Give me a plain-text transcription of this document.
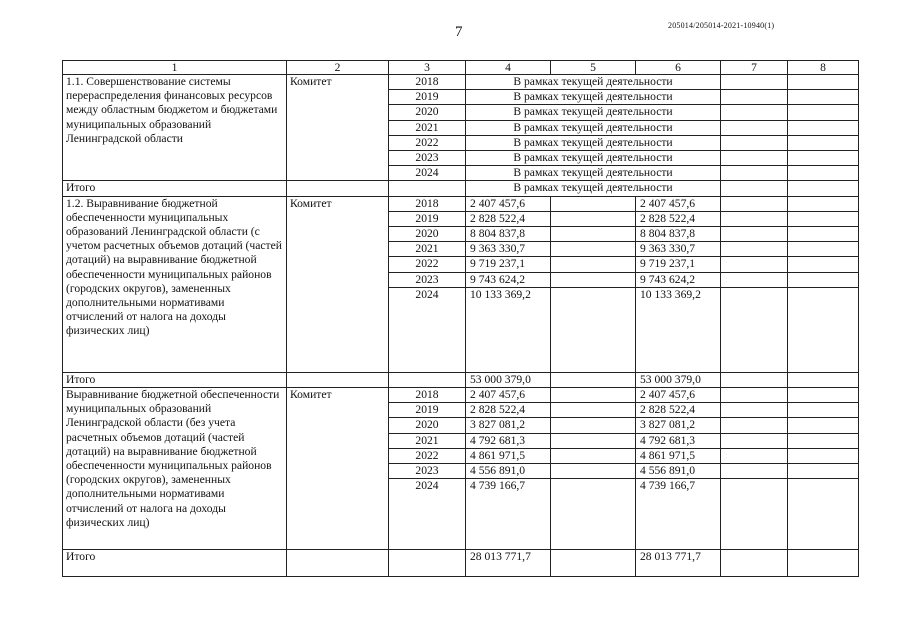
7	205014/205014-2021-10940(1)
1	2	3	4	5	6	7	8
1.1. Совершенствование системы перераспределения финансовых ресурсов между областным бюджетом и бюджетами муниципальных образований Ленинградской области	Комитет	2018	В рамках текущей деятельности				
		2019	В рамках текущей деятельности				
		2020	В рамках текущей деятельности				
		2021	В рамках текущей деятельности				
		2022	В рамках текущей деятельности				
		2023	В рамках текущей деятельности				
		2024	В рамках текущей деятельности				
Итого			В рамках текущей деятельности				
1.2. Выравнивание бюджетной обеспеченности муниципальных образований Ленинградской области (с учетом расчетных объемов дотаций (частей дотаций) на выравнивание бюджетной обеспеченности муниципальных районов (городских округов), замененных дополнительными нормативами отчислений от налога на доходы физических лиц)	Комитет	2018	2 407 457,6		2 407 457,6		
		2019	2 828 522,4		2 828 522,4		
		2020	8 804 837,8		8 804 837,8		
		2021	9 363 330,7		9 363 330,7		
		2022	9 719 237,1		9 719 237,1		
		2023	9 743 624,2		9 743 624,2		
		2024	10 133 369,2		10 133 369,2		
Итого			53 000 379,0		53 000 379,0		
Выравнивание бюджетной обеспеченности муниципальных образований Ленинградской области (без учета расчетных объемов дотаций (частей дотаций) на выравнивание бюджетной обеспеченности муниципальных районов (городских округов), замененных дополнительными нормативами отчислений от налога на доходы физических лиц)	Комитет	2018	2 407 457,6		2 407 457,6		
		2019	2 828 522,4		2 828 522,4		
		2020	3 827 081,2		3 827 081,2		
		2021	4 792 681,3		4 792 681,3		
		2022	4 861 971,5		4 861 971,5		
		2023	4 556 891,0		4 556 891,0		
		2024	4 739 166,7		4 739 166,7		
Итого			28 013 771,7		28 013 771,7		
